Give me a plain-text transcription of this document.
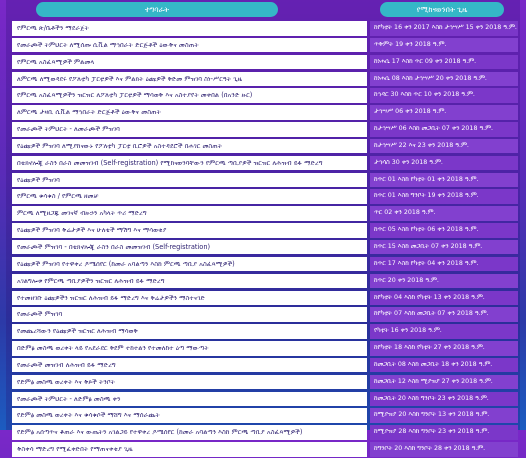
ተግባራት	የሚከናወንበት ጊዜ
የምርጫ ጽ/ቤቶችን ማደራጀት	ከየካቲት 16 ቀን 2017 እስከ ታኅሣሥ 15 ቀን 2018 ዓ.ም.
የመራጮች ትምህርት ለሚሰጡ ሲቪል ማኅበራት ድርጅቶች ዕውቅና መስጠት	ጥቅምት 19 ቀን 2018 ዓ.ም.
የምርጫ አስፈጻሚዎች ምልመላ	ከነሐሴ 17 እስከ ጥር 09 ቀን 2018 ዓ.ም.
ለምርጫ ለሚወዳደሩ የፖለቲካ ፓርቲዎች እና ምልክት ዕጩዎች ቅድመ ምዝገባ ስነ-ሥርዓት ጊዜ	ከነሐሴ 08 እስከ ታኅሣሥ 20 ቀን 2018 ዓ.ም.
የምርጫ አስፈጻሚዎችን ዝርዝር ለፖለቲካ ፓርቲዎች ማሳወቅ እና አስተያየት መቀበል (በአንድ ዙር)	ከኅዳር 30 እስከ ጥር 10 ቀን 2018 ዓ.ም.
ለምርጫ ታዛቢ ሲቪል ማኅበራት ድርጅቶች ዕውቅና መስጠት	ታኅሣሥ 06 ቀን 2018 ዓ.ም.
የመራጮች ትምህርት - ለመራጮች ምዝገባ	ከታኅሣሥ 06 እስከ መጋቢት 07 ቀን 2018 ዓ.ም.
የዕጩዎች ምዝገባ ለሚያከናውኑ የፖለቲካ ፓርቲ ቢሮዎች አስተዳደሮች በሐገር መስጠት	ከታኅሣሥ 22 እና 23 ቀን 2018 ዓ.ም.
በቴክኖሎጂ ራስን በራስ መመዝገብ (Self-registration) የሚከናወንባቸውን የምርጫ ጣቢያዎች ዝርዝር ለሕዝብ ይፋ ማድረግ	ታኅሳስ 30 ቀን 2018 ዓ.ም.
የዕጩዎች ምዝገባ	ከጥር 01 እስከ የካቲት 01 ቀን 2018 ዓ.ም.
የምርጫ ቁሳቁስ / የምርጫ ዘመቻ	ከጥር 01 እስከ ግንቦት 19 ቀን 2018 ዓ.ም.
ምርጫ ለሚዘጋጁ መገናኛ ብዙኃን አካላት ጥሪ ማድረግ	ጥር 02 ቀን 2018 ዓ.ም.
የዕጩዎች ምዝገባ ቅሬታዎች እና ሁለቴች ማሽግ እና ማሳወቂያ	ከጥር 05 እስከ የካቲት 06 ቀን 2018 ዓ.ም.
የመራጮች ምዝገባ - በቴክኖሎጂ ራስን በራስ መመዝገብ (Self-registration)	ከጥር 15 እስከ መጋቢት 07 ቀን 2018 ዓ.ም.
የዕጩዎች ምዝገባ የተዋቀረ ዶሜሰየር (ከመራ አባልጣን እስከ ምርጫ ጣቢያ አስፈጻሚዎች)	ከጥር 17 እስከ የካቲት 04 ቀን 2018 ዓ.ም.
አገልግሎቱ የምርጫ ጣቢያዎችን ዝርዝር ለሕዝብ ይፋ ማድረግ	ከጥር 20 ቀን 2018 ዓ.ም.
የተመዘገቡ ዕጩዎችን ዝርዝር ለሕዝብ ይፋ ማድረግ እና ቅሬታዎችን ማስተናገድ	ከየካቲት 04 እስከ የካቲት 13 ቀን 2018 ዓ.ም.
የመራጮች ምዝገባ	ከየካቲት 07 እስከ መጋቢት 07 ቀን 2018 ዓ.ም.
የመጨረሻውን የዕጩዎች ዝርዝር ለሕዝብ ማሳወቅ	የካቲት 16 ቀን 2018 ዓ.ም.
በድምፅ መስጫ ወረቀት ላይ የአደራደር ቅደም ተከተልን የተመለከተ ዕጣ ማውጣት	ከየካቲት 18 እስከ የካቲት 27 ቀን 2018 ዓ.ም.
የመራጮች መዝገብ ለሕዝብ ይፋ ማድረግ	ከመጋቢት 08 እስከ መጋቢት 18 ቀን 2018 ዓ.ም.
የድምፅ መስጫ ወረቀት እና ቅጾች ትንቦት	ከመጋቢት 12 እስከ ሚያዝያ 27 ቀን 2018 ዓ.ም.
የመራጮች ትምህርት - ለድምፅ መስጫ ቀን	ከመጋቢት 20 እስከ ግንቦት 23 ቀን 2018 ዓ.ም.
የድምፅ መስጫ ወረቀት እና ቁሳቁሶች ማሸግ እና ማሰራጨት	ከሚያዝያ 20 እስከ ግንቦት 13 ቀን 2018 ዓ.ም.
የድምፅ አሰጣጥና ቆጠራ እና ውጤትን አገልጋይ የተዋቀረ ዶሜሰየር (ከመራ አባልጣን እስከ ምርጫ ጣቢያ አስፈጻሚዎች)	ከሚያዝያ 28 እስከ ግንቦት 23 ቀን 2018 ዓ.ም.
ቅስቀሳ ማድረግ የሚፈቀድበት የማጠናቀቂያ ጊዜ	ከግንቦት 20 እስከ ግንቦት 28 ቀን 2018 ዓ.ም.
